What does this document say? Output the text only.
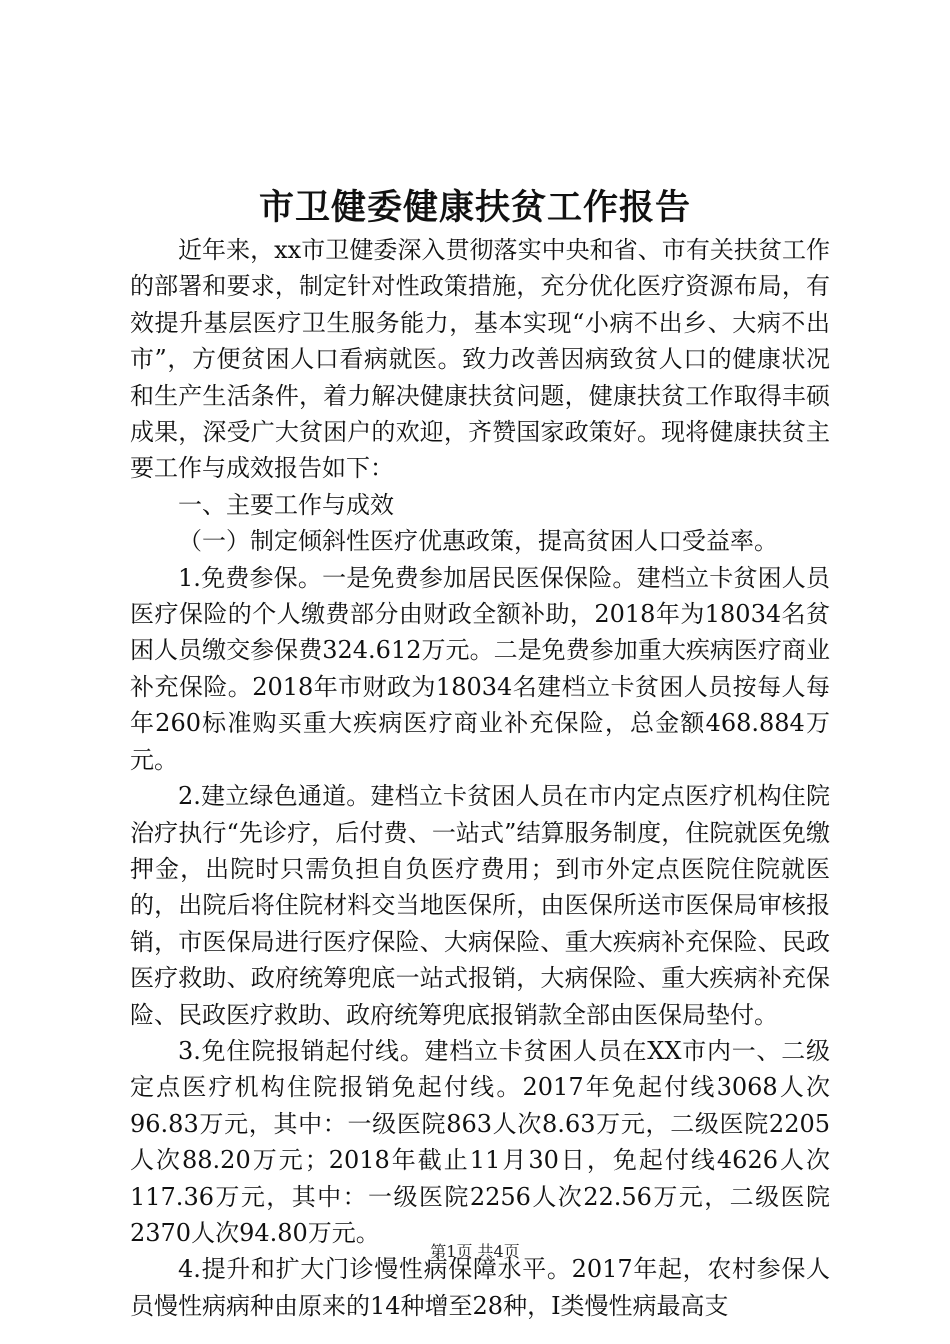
市卫健委健康扶贫工作报告

近年来，xx市卫健委深入贯彻落实中央和省、市有关扶贫工作的部署和要求，制定针对性政策措施，充分优化医疗资源布局，有效提升基层医疗卫生服务能力，基本实现“小病不出乡、大病不出市”，方便贫困人口看病就医。致力改善因病致贫人口的健康状况和生产生活条件，着力解决健康扶贫问题，健康扶贫工作取得丰硕成果，深受广大贫困户的欢迎，齐赞国家政策好。现将健康扶贫主要工作与成效报告如下：

一、主要工作与成效

（一）制定倾斜性医疗优惠政策，提高贫困人口受益率。

1.免费参保。一是免费参加居民医保保险。建档立卡贫困人员医疗保险的个人缴费部分由财政全额补助，2018年为18034名贫困人员缴交参保费324.612万元。二是免费参加重大疾病医疗商业补充保险。2018年市财政为18034名建档立卡贫困人员按每人每年260标准购买重大疾病医疗商业补充保险，总金额468.884万元。

2.建立绿色通道。建档立卡贫困人员在市内定点医疗机构住院治疗执行“先诊疗，后付费、一站式”结算服务制度，住院就医免缴押金，出院时只需负担自负医疗费用；到市外定点医院住院就医的，出院后将住院材料交当地医保所，由医保所送市医保局审核报销，市医保局进行医疗保险、大病保险、重大疾病补充保险、民政医疗救助、政府统筹兜底一站式报销，大病保险、重大疾病补充保险、民政医疗救助、政府统筹兜底报销款全部由医保局垫付。

3.免住院报销起付线。建档立卡贫困人员在XX市内一、二级定点医疗机构住院报销免起付线。2017年免起付线3068人次96.83万元，其中：一级医院863人次8.63万元，二级医院2205人次88.20万元；2018年截止11月30日，免起付线4626人次117.36万元，其中：一级医院2256人次22.56万元，二级医院2370人次94.80万元。

4.提升和扩大门诊慢性病保障水平。2017年起，农村参保人员慢性病病种由原来的14种增至28种，Ⅰ类慢性病最高支

第1页 共4页
